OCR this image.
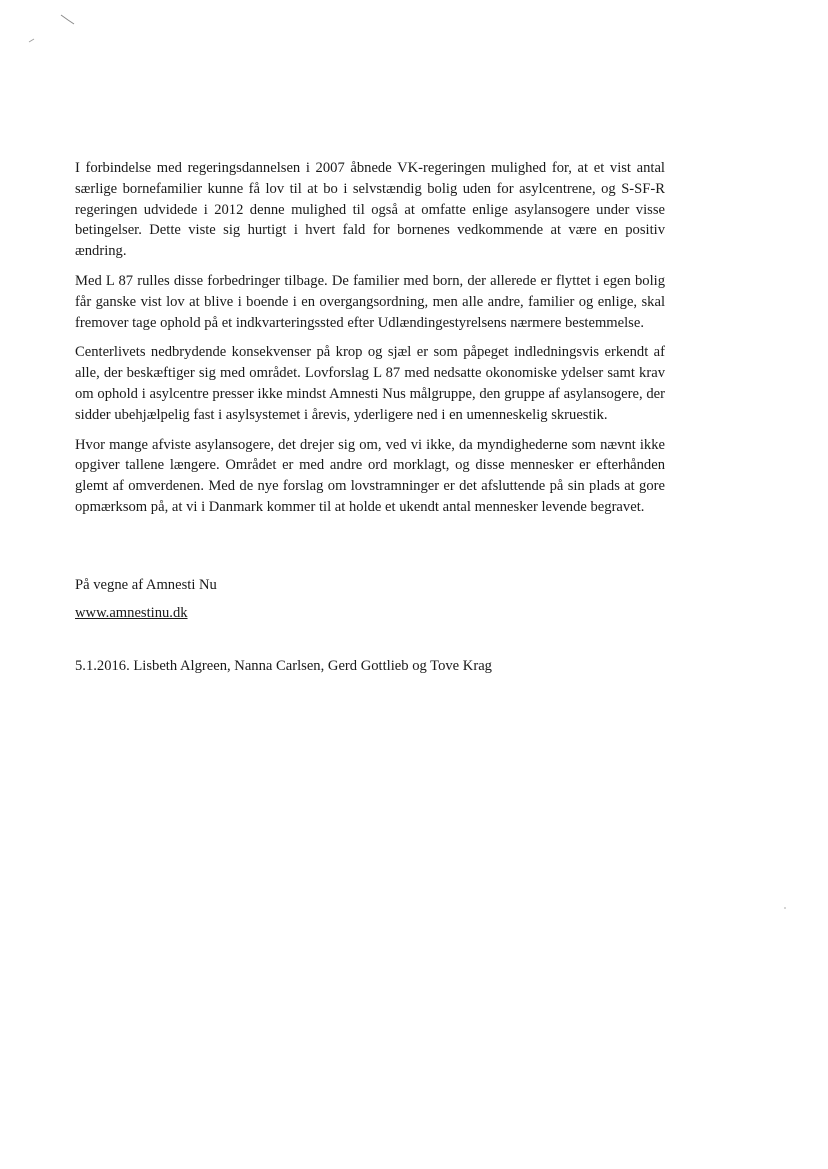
I forbindelse med regeringsdannelsen i 2007 åbnede VK-regeringen mulighed for, at et vist antal særlige bornefamilier kunne få lov til at bo i selvstændig bolig uden for asylcentrene, og S-SF-R regeringen udvidede i 2012 denne mulighed til også at omfatte enlige asylansogere under visse betingelser. Dette viste sig hurtigt i hvert fald for bornenes vedkommende at være en positiv ændring.

Med L 87 rulles disse forbedringer tilbage. De familier med born, der allerede er flyttet i egen bolig får ganske vist lov at blive i boende i en overgangsordning, men alle andre, familier og enlige, skal fremover tage ophold på et indkvarteringssted efter Udlændingestyrelsens nærmere bestemmelse.

Centerlivets nedbrydende konsekvenser på krop og sjæl er som påpeget indledningsvis erkendt af alle, der beskæftiger sig med området. Lovforslag L 87 med nedsatte okonomiske ydelser samt krav om ophold i asylcentre presser ikke mindst Amnesti Nus målgruppe, den gruppe af asylansogere, der sidder ubehjælpelig fast i asylsystemet i årevis, yderligere ned i en umenneskelig skruestik.

Hvor mange afviste asylansogere, det drejer sig om, ved vi ikke, da myndighederne som nævnt ikke opgiver tallene længere. Området er med andre ord morklagt, og disse mennesker er efterhånden glemt af omverdenen. Med de nye forslag om lovstramninger er det afsluttende på sin plads at gore opmærksom på, at vi i Danmark kommer til at holde et ukendt antal mennesker levende begravet.

På vegne af Amnesti Nu

www.amnestinu.dk

5.1.2016. Lisbeth Algreen, Nanna Carlsen, Gerd Gottlieb og Tove Krag
